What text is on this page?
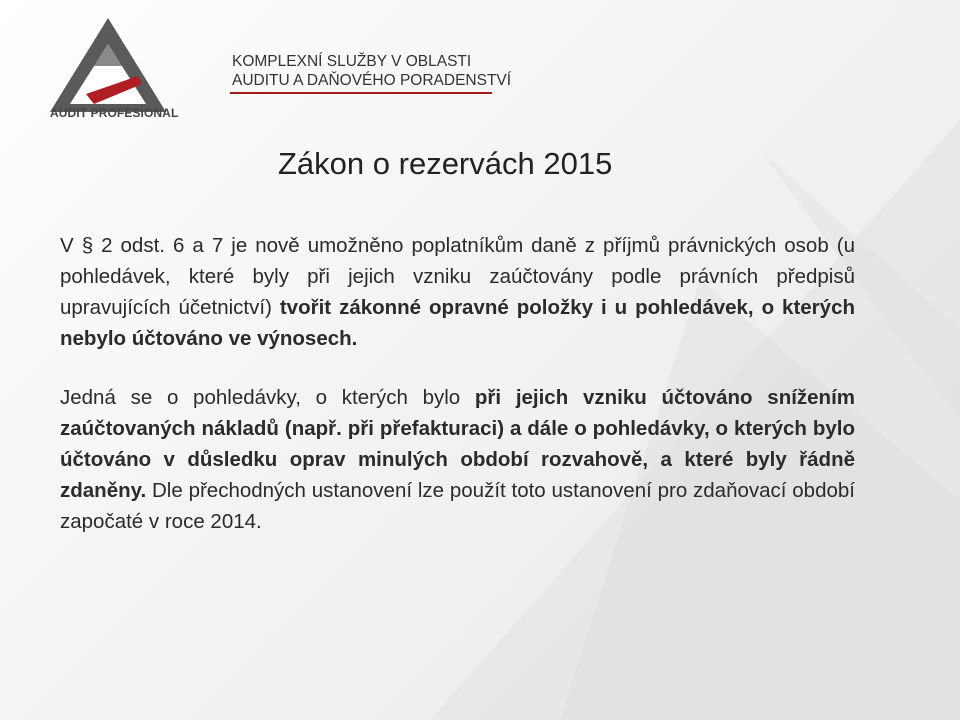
AUDIT PROFESIONAL
KOMPLEXNÍ SLUŽBY V OBLASTI
AUDITU A DAŇOVÉHO PORADENSTVÍ
Zákon o rezervách 2015

V § 2 odst. 6 a 7 je nově umožněno poplatníkům daně z příjmů právnických osob (u pohledávek, které byly při jejich vzniku zaúčtovány podle právních předpisů upravujících účetnictví) tvořit zákonné opravné položky i u pohledávek, o kterých nebylo účtováno ve výnosech.

Jedná se o pohledávky, o kterých bylo při jejich vzniku účtováno snížením zaúčtovaných nákladů (např. při přefakturaci) a dále o pohledávky, o kterých bylo účtováno v důsledku oprav minulých období rozvahově, a které byly řádně zdaněny. Dle přechodných ustanovení lze použít toto ustanovení pro zdaňovací období započaté v roce 2014.
